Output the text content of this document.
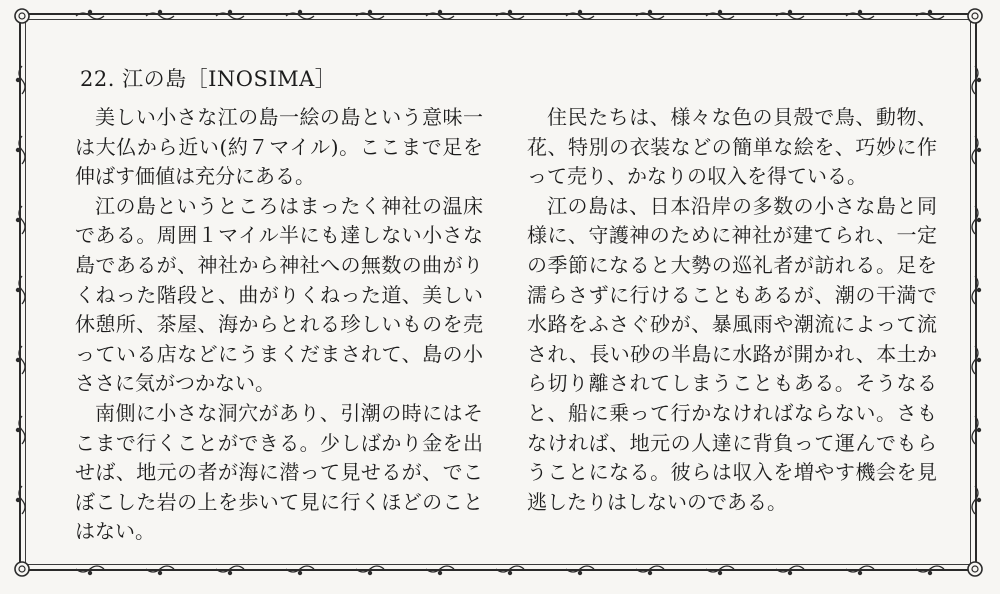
22. 江の島［INOSIMA］

美しい小さな江の島一絵の島という意味一は大仏から近い(約７マイル)。ここまで足を伸ばす価値は充分にある。

江の島というところはまったく神社の温床である。周囲１マイル半にも達しない小さな島であるが、神社から神社への無数の曲がりくねった階段と、曲がりくねった道、美しい休憩所、茶屋、海からとれる珍しいものを売っている店などにうまくだまされて、島の小ささに気がつかない。

南側に小さな洞穴があり、引潮の時にはそこまで行くことができる。少しばかり金を出せば、地元の者が海に潜って見せるが、でこぼこした岩の上を歩いて見に行くほどのことはない。

住民たちは、様々な色の貝殻で鳥、動物、花、特別の衣装などの簡単な絵を、巧妙に作って売り、かなりの収入を得ている。

江の島は、日本沿岸の多数の小さな島と同様に、守護神のために神社が建てられ、一定の季節になると大勢の巡礼者が訪れる。足を濡らさずに行けることもあるが、潮の干満で水路をふさぐ砂が、暴風雨や潮流によって流され、長い砂の半島に水路が開かれ、本土から切り離されてしまうこともある。そうなると、船に乗って行かなければならない。さもなければ、地元の人達に背負って運んでもらうことになる。彼らは収入を増やす機会を見逃したりはしないのである。
